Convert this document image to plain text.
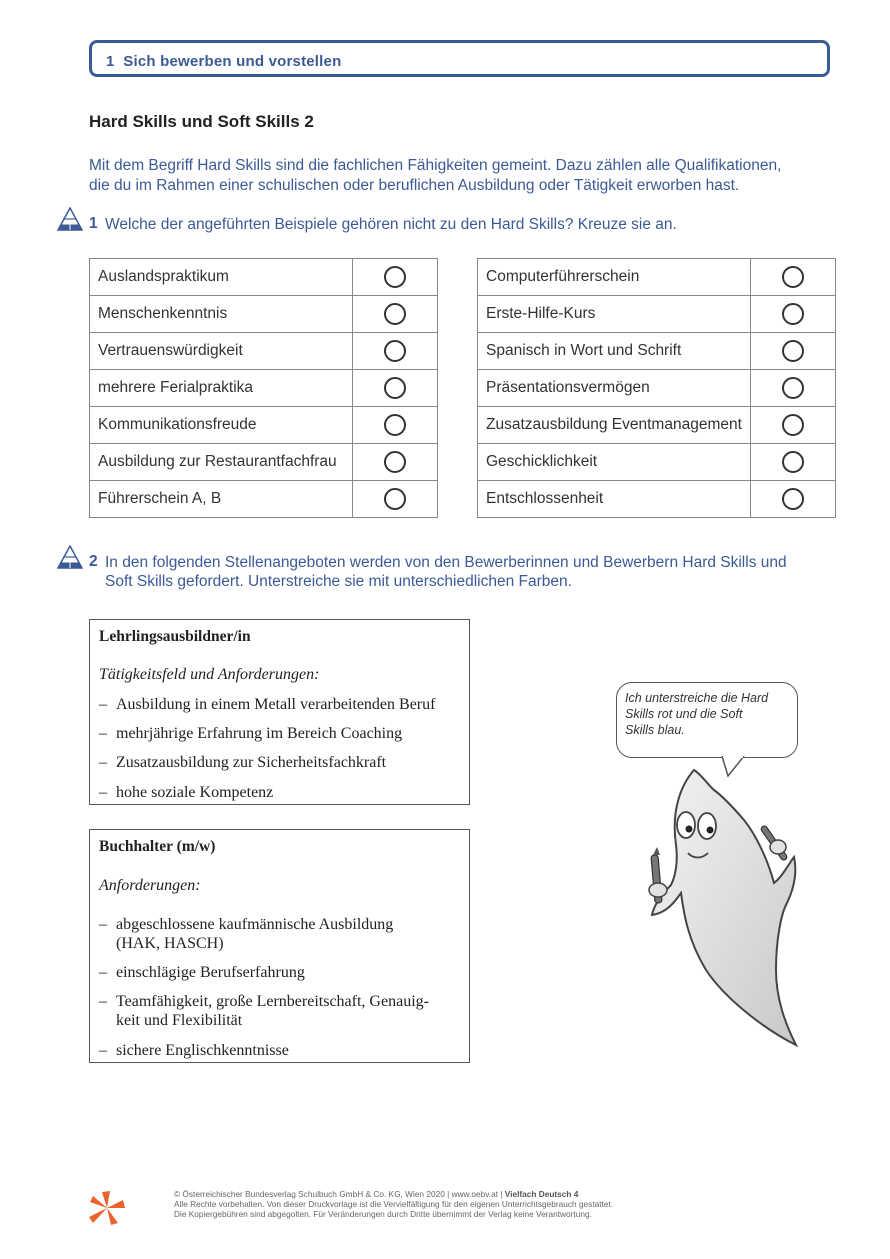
1 Sich bewerben und vorstellen
Hard Skills und Soft Skills 2
Mit dem Begriff Hard Skills sind die fachlichen Fähigkeiten gemeint. Dazu zählen alle Qualifikationen,
die du im Rahmen einer schulischen oder beruflichen Ausbildung oder Tätigkeit erworben hast.
1 Welche der angeführten Beispiele gehören nicht zu den Hard Skills? Kreuze sie an.
Auslandspraktikum	
Menschenkenntnis	
Vertrauenswürdigkeit	
mehrere Ferialpraktika	
Kommunikationsfreude	
Ausbildung zur Restaurantfachfrau	
Führerschein A, B	
Computerführerschein	
Erste-Hilfe-Kurs	
Spanisch in Wort und Schrift	
Präsentationsvermögen	
Zusatzausbildung Eventmanagement	
Geschicklichkeit	
Entschlossenheit	
2 In den folgenden Stellenangeboten werden von den Bewerberinnen und Bewerbern Hard Skills und
Soft Skills gefordert. Unterstreiche sie mit unterschiedlichen Farben.
Lehrlingsausbildner/in
Tätigkeitsfeld und Anforderungen:
– Ausbildung in einem Metall verarbeitenden Beruf
– mehrjährige Erfahrung im Bereich Coaching
– Zusatzausbildung zur Sicherheitsfachkraft
– hohe soziale Kompetenz
Buchhalter (m/w)
Anforderungen:
– abgeschlossene kaufmännische Ausbildung
(HAK, HASCH)
– einschlägige Berufserfahrung
– Teamfähigkeit, große Lernbereitschaft, Genauig-
keit und Flexibilität
– sichere Englischkenntnisse
Ich unterstreiche die Hard
Skills rot und die Soft
Skills blau.
© Österreichischer Bundesverlag Schulbuch GmbH & Co. KG, Wien 2020 | www.oebv.at | Vielfach Deutsch 4
Alle Rechte vorbehalten. Von dieser Druckvorlage ist die Vervielfältigung für den eigenen Unterrichtsgebrauch gestattet.
Die Kopiergebühren sind abgegolten. Für Veränderungen durch Dritte übernimmt der Verlag keine Verantwortung.
